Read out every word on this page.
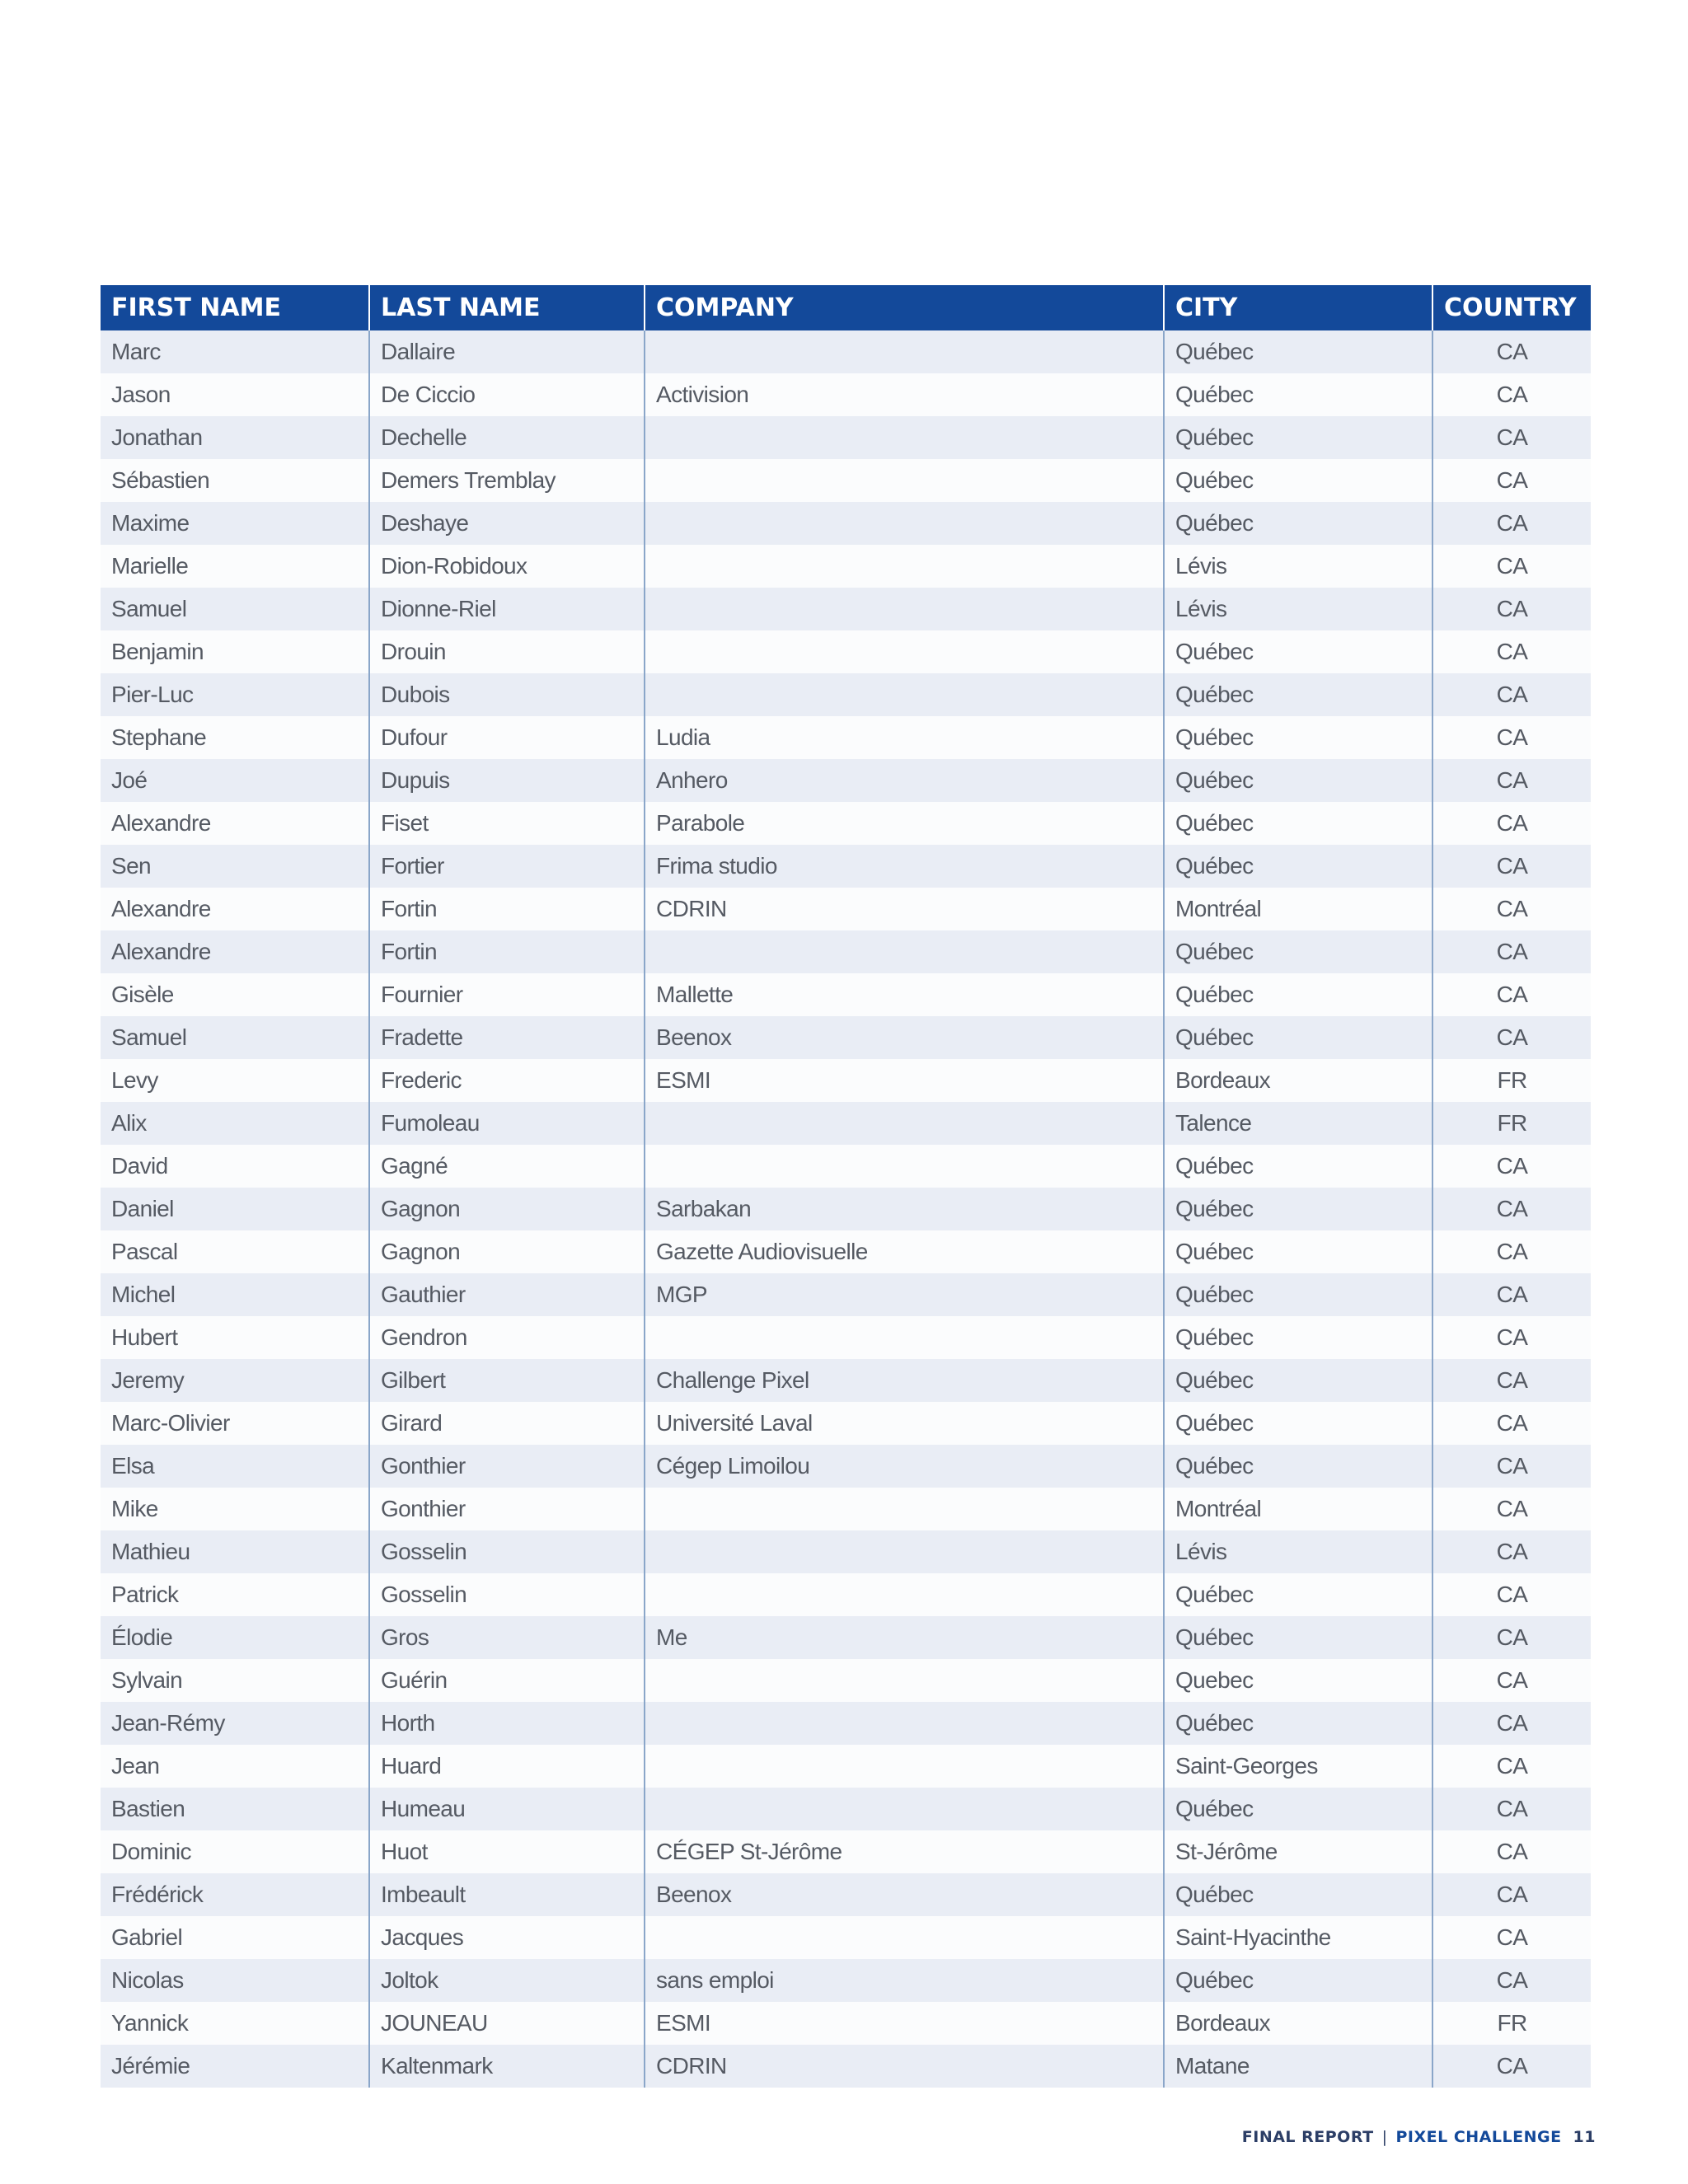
FIRST NAME	LAST NAME	COMPANY	CITY	COUNTRY
Marc	Dallaire		Québec	CA
Jason	De Ciccio	Activision	Québec	CA
Jonathan	Dechelle		Québec	CA
Sébastien	Demers Tremblay		Québec	CA
Maxime	Deshaye		Québec	CA
Marielle	Dion-Robidoux		Lévis	CA
Samuel	Dionne-Riel		Lévis	CA
Benjamin	Drouin		Québec	CA
Pier-Luc	Dubois		Québec	CA
Stephane	Dufour	Ludia	Québec	CA
Joé	Dupuis	Anhero	Québec	CA
Alexandre	Fiset	Parabole	Québec	CA
Sen	Fortier	Frima studio	Québec	CA
Alexandre	Fortin	CDRIN	Montréal	CA
Alexandre	Fortin		Québec	CA
Gisèle	Fournier	Mallette	Québec	CA
Samuel	Fradette	Beenox	Québec	CA
Levy	Frederic	ESMI	Bordeaux	FR
Alix	Fumoleau		Talence	FR
David	Gagné		Québec	CA
Daniel	Gagnon	Sarbakan	Québec	CA
Pascal	Gagnon	Gazette Audiovisuelle	Québec	CA
Michel	Gauthier	MGP	Québec	CA
Hubert	Gendron		Québec	CA
Jeremy	Gilbert	Challenge Pixel	Québec	CA
Marc-Olivier	Girard	Université Laval	Québec	CA
Elsa	Gonthier	Cégep Limoilou	Québec	CA
Mike	Gonthier		Montréal	CA
Mathieu	Gosselin		Lévis	CA
Patrick	Gosselin		Québec	CA
Élodie	Gros	Me	Québec	CA
Sylvain	Guérin		Quebec	CA
Jean-Rémy	Horth		Québec	CA
Jean	Huard		Saint-Georges	CA
Bastien	Humeau		Québec	CA
Dominic	Huot	CÉGEP St-Jérôme	St-Jérôme	CA
Frédérick	Imbeault	Beenox	Québec	CA
Gabriel	Jacques		Saint-Hyacinthe	CA
Nicolas	Joltok	sans emploi	Québec	CA
Yannick	JOUNEAU	ESMI	Bordeaux	FR
Jérémie	Kaltenmark	CDRIN	Matane	CA
FINAL REPORT | PIXEL CHALLENGE 11
